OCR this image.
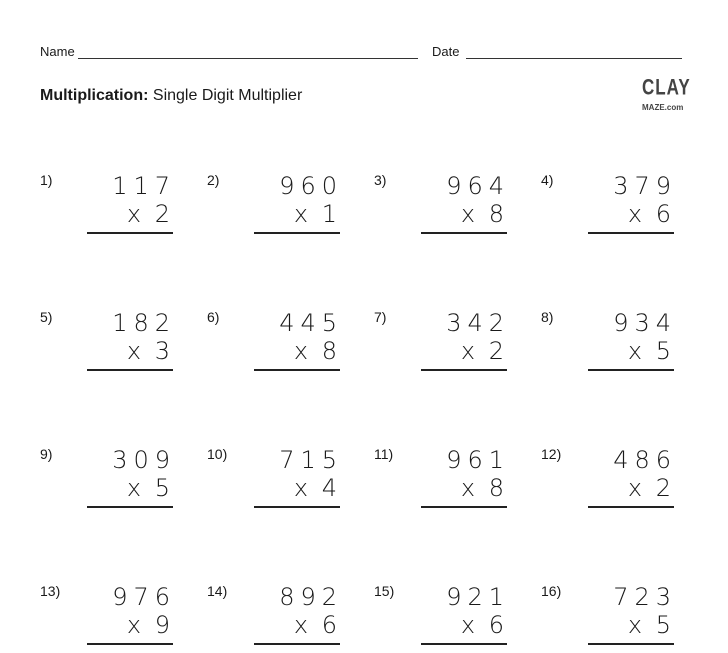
Name	Date
Multiplication: Single Digit Multiplier	CLAY
MAZE.com
1) 117
x 2
2) 960
x 1
3) 964
x 8
4) 379
x 6
5) 182
x 3
6) 445
x 8
7) 342
x 2
8) 934
x 5
9) 309
x 5
10) 715
x 4
11) 961
x 8
12) 486
x 2
13) 976
x 9
14) 892
x 6
15) 921
x 6
16) 723
x 5
